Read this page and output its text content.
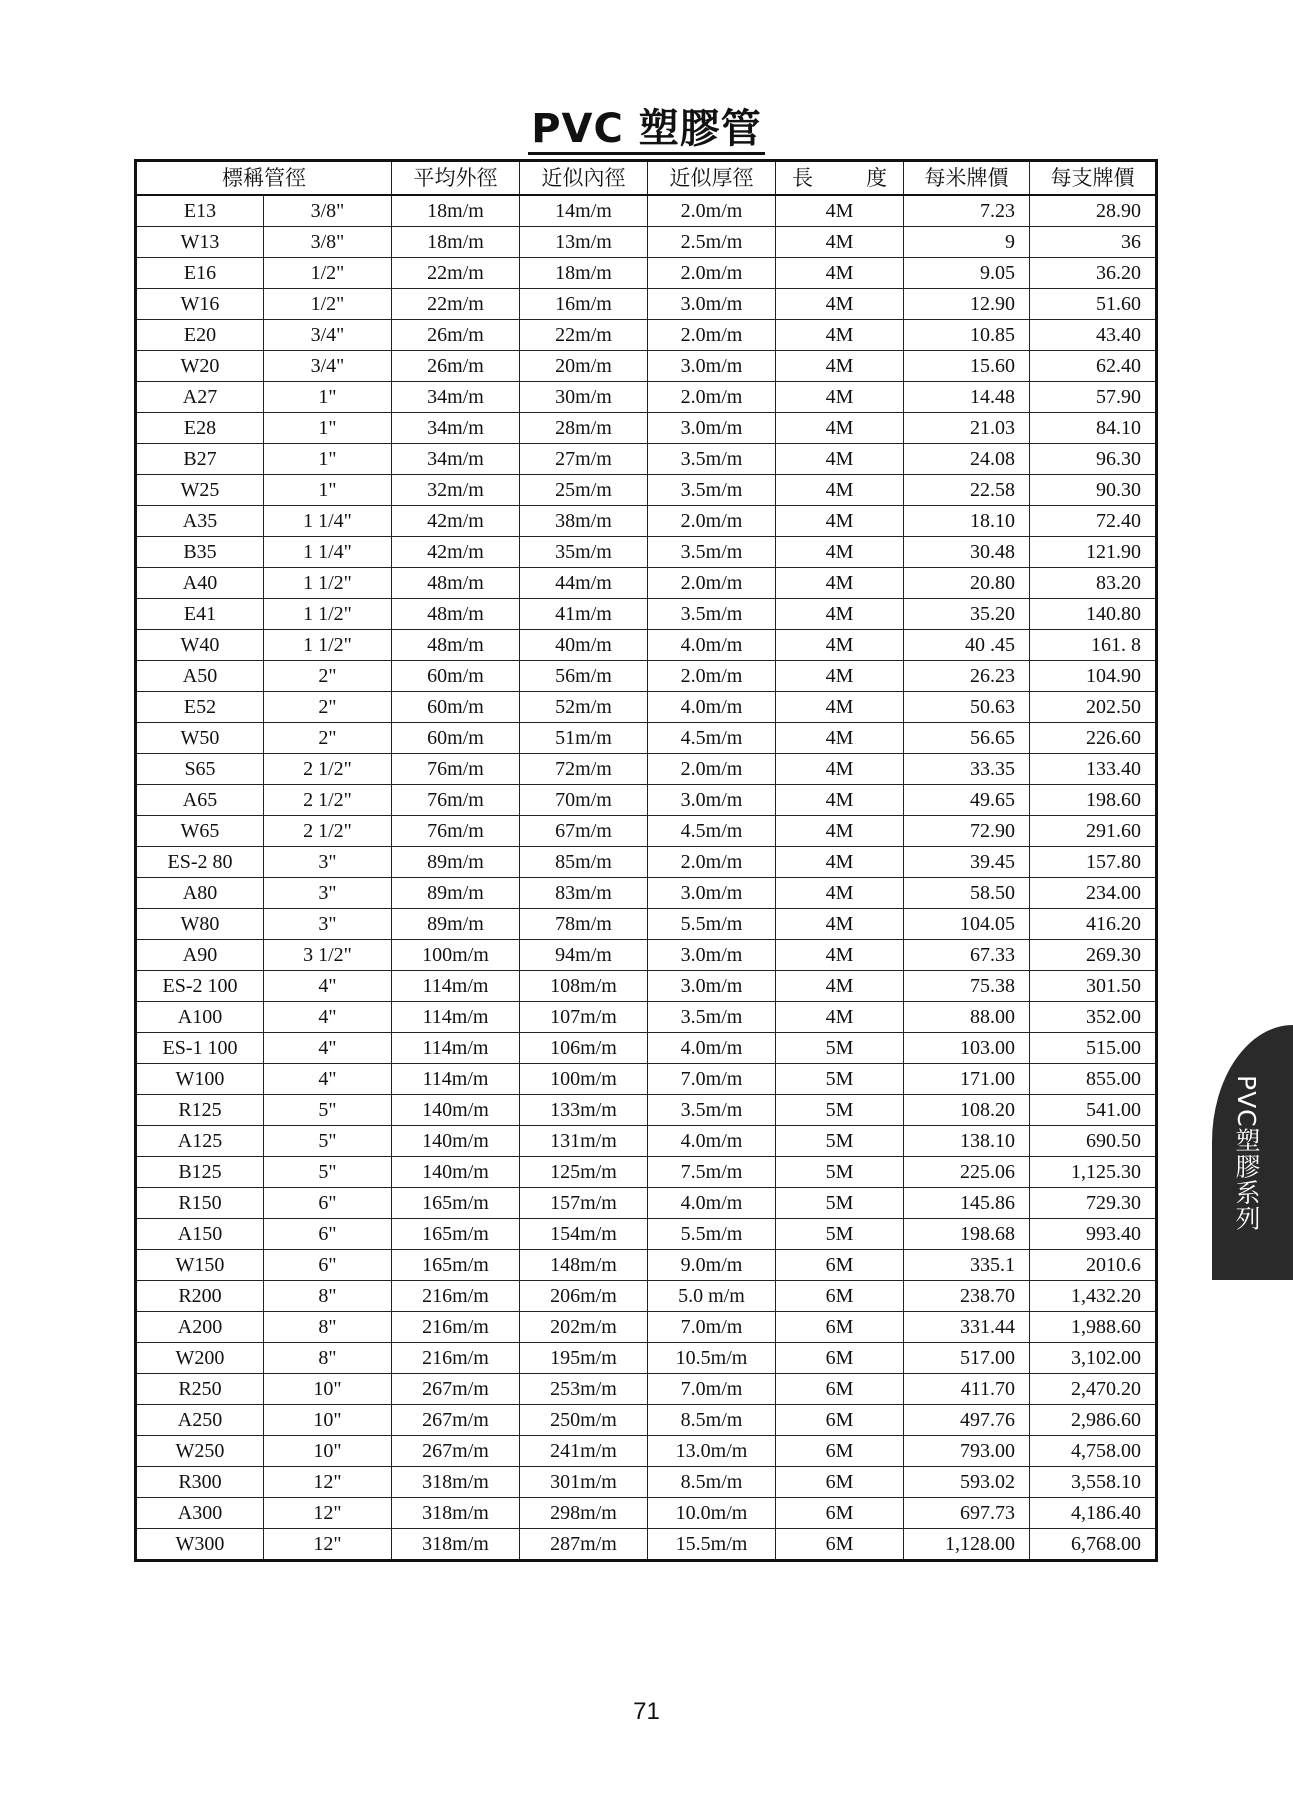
PVC 塑膠管
標稱管徑		平均外徑	近似內徑	近似厚徑	長　度	每米牌價	每支牌價
E13	3/8"	18m/m	14m/m	2.0m/m	4M	7.23	28.90
W13	3/8"	18m/m	13m/m	2.5m/m	4M	9	36
E16	1/2"	22m/m	18m/m	2.0m/m	4M	9.05	36.20
W16	1/2"	22m/m	16m/m	3.0m/m	4M	12.90	51.60
E20	3/4"	26m/m	22m/m	2.0m/m	4M	10.85	43.40
W20	3/4"	26m/m	20m/m	3.0m/m	4M	15.60	62.40
A27	1"	34m/m	30m/m	2.0m/m	4M	14.48	57.90
E28	1"	34m/m	28m/m	3.0m/m	4M	21.03	84.10
B27	1"	34m/m	27m/m	3.5m/m	4M	24.08	96.30
W25	1"	32m/m	25m/m	3.5m/m	4M	22.58	90.30
A35	1 1/4"	42m/m	38m/m	2.0m/m	4M	18.10	72.40
B35	1 1/4"	42m/m	35m/m	3.5m/m	4M	30.48	121.90
A40	1 1/2"	48m/m	44m/m	2.0m/m	4M	20.80	83.20
E41	1 1/2"	48m/m	41m/m	3.5m/m	4M	35.20	140.80
W40	1 1/2"	48m/m	40m/m	4.0m/m	4M	40 .45	161. 8
A50	2"	60m/m	56m/m	2.0m/m	4M	26.23	104.90
E52	2"	60m/m	52m/m	4.0m/m	4M	50.63	202.50
W50	2"	60m/m	51m/m	4.5m/m	4M	56.65	226.60
S65	2 1/2"	76m/m	72m/m	2.0m/m	4M	33.35	133.40
A65	2 1/2"	76m/m	70m/m	3.0m/m	4M	49.65	198.60
W65	2 1/2"	76m/m	67m/m	4.5m/m	4M	72.90	291.60
ES-2 80	3"	89m/m	85m/m	2.0m/m	4M	39.45	157.80
A80	3"	89m/m	83m/m	3.0m/m	4M	58.50	234.00
W80	3"	89m/m	78m/m	5.5m/m	4M	104.05	416.20
A90	3 1/2"	100m/m	94m/m	3.0m/m	4M	67.33	269.30
ES-2 100	4"	114m/m	108m/m	3.0m/m	4M	75.38	301.50
A100	4"	114m/m	107m/m	3.5m/m	4M	88.00	352.00
ES-1 100	4"	114m/m	106m/m	4.0m/m	5M	103.00	515.00
W100	4"	114m/m	100m/m	7.0m/m	5M	171.00	855.00
R125	5"	140m/m	133m/m	3.5m/m	5M	108.20	541.00
A125	5"	140m/m	131m/m	4.0m/m	5M	138.10	690.50
B125	5"	140m/m	125m/m	7.5m/m	5M	225.06	1,125.30
R150	6"	165m/m	157m/m	4.0m/m	5M	145.86	729.30
A150	6"	165m/m	154m/m	5.5m/m	5M	198.68	993.40
W150	6"	165m/m	148m/m	9.0m/m	6M	335.1	2010.6
R200	8"	216m/m	206m/m	5.0 m/m	6M	238.70	1,432.20
A200	8"	216m/m	202m/m	7.0m/m	6M	331.44	1,988.60
W200	8"	216m/m	195m/m	10.5m/m	6M	517.00	3,102.00
R250	10"	267m/m	253m/m	7.0m/m	6M	411.70	2,470.20
A250	10"	267m/m	250m/m	8.5m/m	6M	497.76	2,986.60
W250	10"	267m/m	241m/m	13.0m/m	6M	793.00	4,758.00
R300	12"	318m/m	301m/m	8.5m/m	6M	593.02	3,558.10
A300	12"	318m/m	298m/m	10.0m/m	6M	697.73	4,186.40
W300	12"	318m/m	287m/m	15.5m/m	6M	1,128.00	6,768.00
PVC塑膠系列
71
